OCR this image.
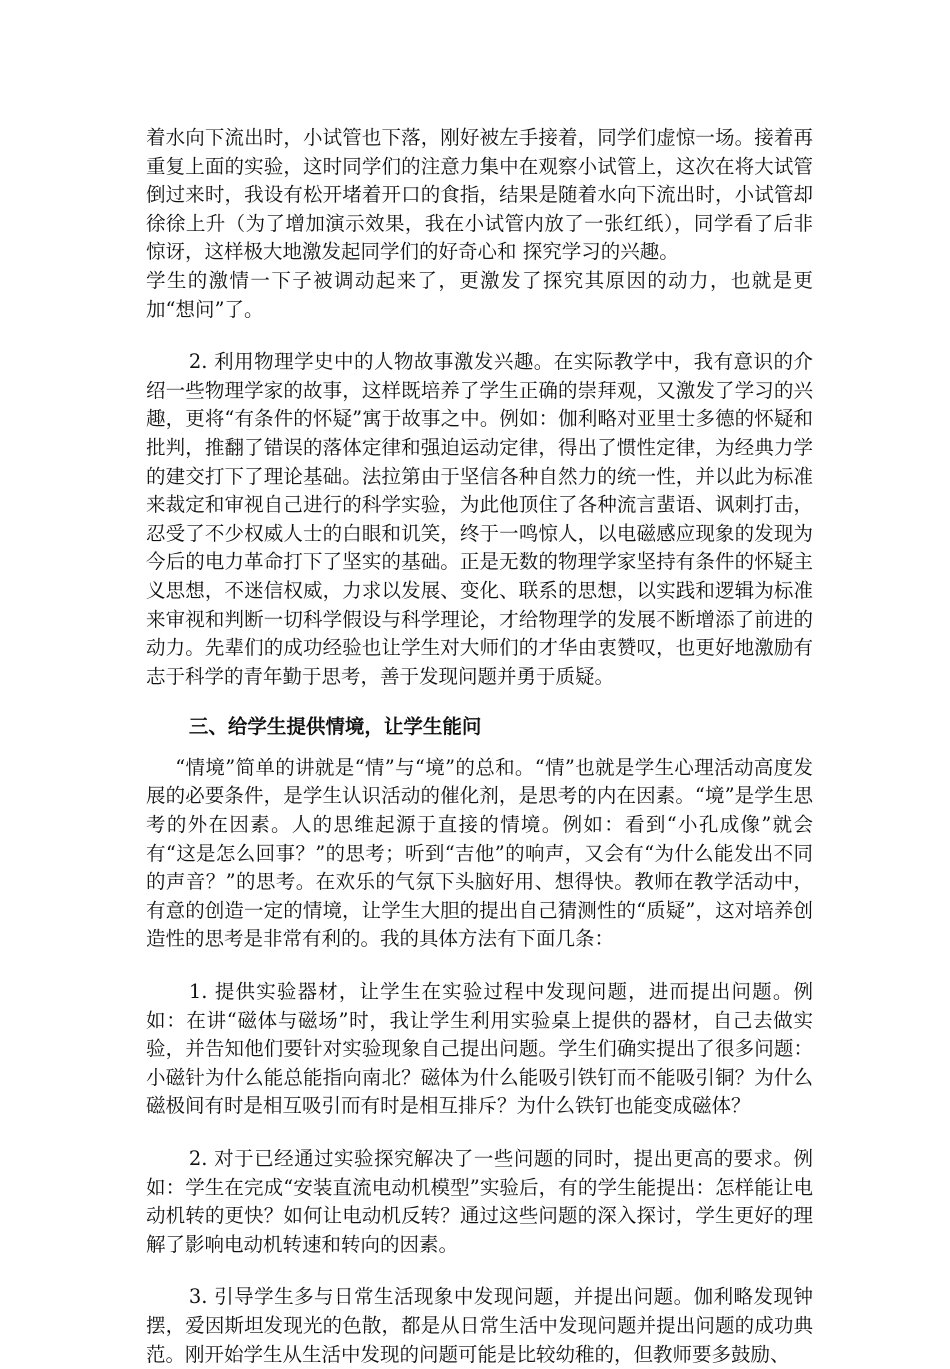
着水向下流出时，小试管也下落，刚好被左手接着，同学们虚惊一场。接着再重复上面的实验，这时同学们的注意力集中在观察小试管上，这次在将大试管倒过来时，我设有松开堵着开口的食指，结果是随着水向下流出时，小试管却徐徐上升（为了增加演示效果，我在小试管内放了一张红纸），同学看了后非惊讶，这样极大地激发起同学们的好奇心和 探究学习的兴趣。

学生的激情一下子被调动起来了，更激发了探究其原因的动力，也就是更加“想问”了。

2. 利用物理学史中的人物故事激发兴趣。在实际教学中，我有意识的介绍一些物理学家的故事，这样既培养了学生正确的崇拜观，又激发了学习的兴趣，更将“有条件的怀疑”寓于故事之中。例如：伽利略对亚里士多德的怀疑和批判，推翻了错误的落体定律和强迫运动定律，得出了惯性定律，为经典力学的建交打下了理论基础。法拉第由于坚信各种自然力的统一性，并以此为标准来裁定和审视自己进行的科学实验，为此他顶住了各种流言蜚语、讽刺打击，忍受了不少权威人士的白眼和讥笑，终于一鸣惊人，以电磁感应现象的发现为今后的电力革命打下了坚实的基础。正是无数的物理学家坚持有条件的怀疑主义思想，不迷信权威，力求以发展、变化、联系的思想，以实践和逻辑为标准来审视和判断一切科学假设与科学理论，才给物理学的发展不断增添了前进的动力。先辈们的成功经验也让学生对大师们的才华由衷赞叹，也更好地激励有志于科学的青年勤于思考，善于发现问题并勇于质疑。

三、给学生提供情境，让学生能问

“情境”简单的讲就是“情”与“境”的总和。“情”也就是学生心理活动高度发展的必要条件，是学生认识活动的催化剂，是思考的内在因素。“境”是学生思考的外在因素。人的思维起源于直接的情境。例如：看到“小孔成像”就会有“这是怎么回事？”的思考；听到“吉他”的响声，又会有“为什么能发出不同的声音？”的思考。在欢乐的气氛下头脑好用、想得快。教师在教学活动中，有意的创造一定的情境，让学生大胆的提出自己猜测性的“质疑”，这对培养创造性的思考是非常有利的。我的具体方法有下面几条：

1. 提供实验器材，让学生在实验过程中发现问题，进而提出问题。例如：在讲“磁体与磁场”时，我让学生利用实验桌上提供的器材，自己去做实验，并告知他们要针对实验现象自己提出问题。学生们确实提出了很多问题：小磁针为什么能总能指向南北？磁体为什么能吸引铁钉而不能吸引铜？为什么磁极间有时是相互吸引而有时是相互排斥？为什么铁钉也能变成磁体？

2. 对于已经通过实验探究解决了一些问题的同时，提出更高的要求。例如：学生在完成“安装直流电动机模型”实验后，有的学生能提出：怎样能让电动机转的更快？如何让电动机反转？通过这些问题的深入探讨，学生更好的理解了影响电动机转速和转向的因素。

3. 引导学生多与日常生活现象中发现问题，并提出问题。伽利略发现钟摆，爱因斯坦发现光的色散，都是从日常生活中发现问题并提出问题的成功典范。刚开始学生从生活中发现的问题可能是比较幼稚的，但教师要多鼓励、
